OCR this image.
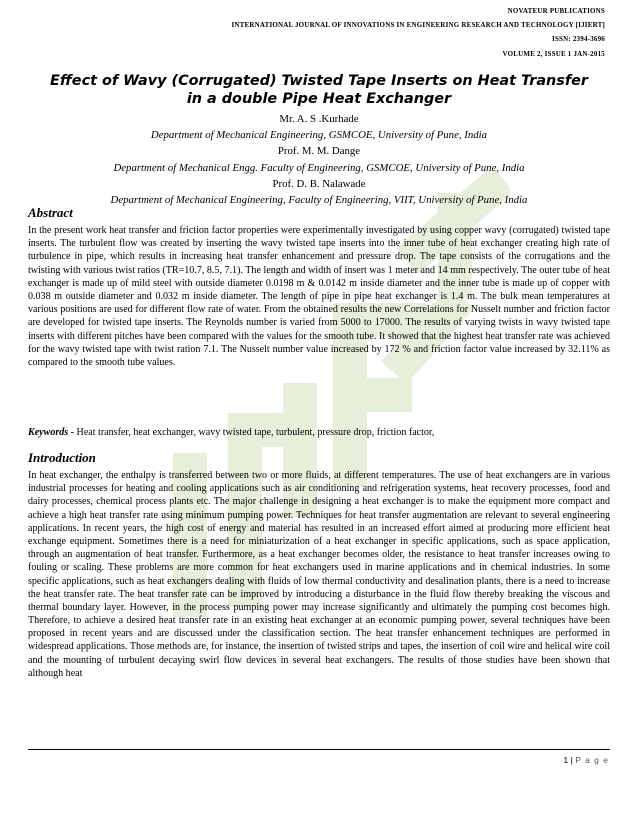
NOVATEUR PUBLICATIONS
INTERNATIONAL JOURNAL OF INNOVATIONS IN ENGINEERING RESEARCH AND TECHNOLOGY [IJIERT]
ISSN: 2394-3696
VOLUME 2, ISSUE 1 JAN-2015
Effect of Wavy (Corrugated) Twisted Tape Inserts on Heat Transfer
in a double Pipe Heat Exchanger
Mr. A. S .Kurhade
Department of Mechanical Engineering, GSMCOE, University of Pune, India
Prof. M. M. Dange
Department of Mechanical Engg. Faculty of Engineering, GSMCOE, University of Pune, India
Prof. D. B. Nalawade
Department of Mechanical Engineering, Faculty of Engineering, VIIT, University of Pune, India
Abstract

In the present work heat transfer and friction factor properties were experimentally investigated by using copper wavy (corrugated) twisted tape inserts. The turbulent flow was created by inserting the wavy twisted tape inserts into the inner tube of heat exchanger creating high rate of turbulence in pipe, which results in increasing heat transfer enhancement and pressure drop. The tape consists of the corrugations and the twisting with various twist ratios (TR=10.7, 8.5, 7.1). The length and width of insert was 1 meter and 14 mm respectively. The outer tube of heat exchanger is made up of mild steel with outside diameter 0.0198 m & 0.0142 m inside diameter and the inner tube is made up of copper with 0.038 m outside diameter and 0.032 m inside diameter. The length of pipe in pipe heat exchanger is 1.4 m. The bulk mean temperatures at various positions are used for different flow rate of water. From the obtained results the new Correlations for Nusselt number and friction factor are developed for twisted tape inserts. The Reynolds number is varied from 5000 to 17000. The results of varying twists in wavy twisted tape inserts with different pitches have been compared with the values for the smooth tube. It showed that the highest heat transfer rate was achieved for the wavy twisted tape with twist ration 7.1. The Nusselt number value increased by 172 % and friction factor value increased by 32.11% as compared to the smooth tube values.

Keywords - Heat transfer, heat exchanger, wavy twisted tape, turbulent, pressure drop, friction factor,

Introduction

In heat exchanger, the enthalpy is transferred between two or more fluids, at different temperatures. The use of heat exchangers are in various industrial processes for heating and cooling applications such as air conditioning and refrigeration systems, heat recovery processes, food and dairy processes, chemical process plants etc. The major challenge in designing a heat exchanger is to make the equipment more compact and achieve a high heat transfer rate using minimum pumping power. Techniques for heat transfer augmentation are relevant to several engineering applications. In recent years, the high cost of energy and material has resulted in an increased effort aimed at producing more efficient heat exchange equipment. Sometimes there is a need for miniaturization of a heat exchanger in specific applications, such as space application, through an augmentation of heat transfer. Furthermore, as a heat exchanger becomes older, the resistance to heat transfer increases owing to fouling or scaling. These problems are more common for heat exchangers used in marine applications and in chemical industries. In some specific applications, such as heat exchangers dealing with fluids of low thermal conductivity and desalination plants, there is a need to increase the heat transfer rate. The heat transfer rate can be improved by introducing a disturbance in the fluid flow thereby breaking the viscous and thermal boundary layer. However, in the process pumping power may increase significantly and ultimately the pumping cost becomes high. Therefore, to achieve a desired heat transfer rate in an existing heat exchanger at an economic pumping power, several techniques have been proposed in recent years and are discussed under the classification section. The heat transfer enhancement techniques are performed in widespread applications. Those methods are, for instance, the insertion of twisted strips and tapes, the insertion of coil wire and helical wire coil and the mounting of turbulent decaying swirl flow devices in several heat exchangers. The results of those studies have been shown that although heat

1 | P a g e
